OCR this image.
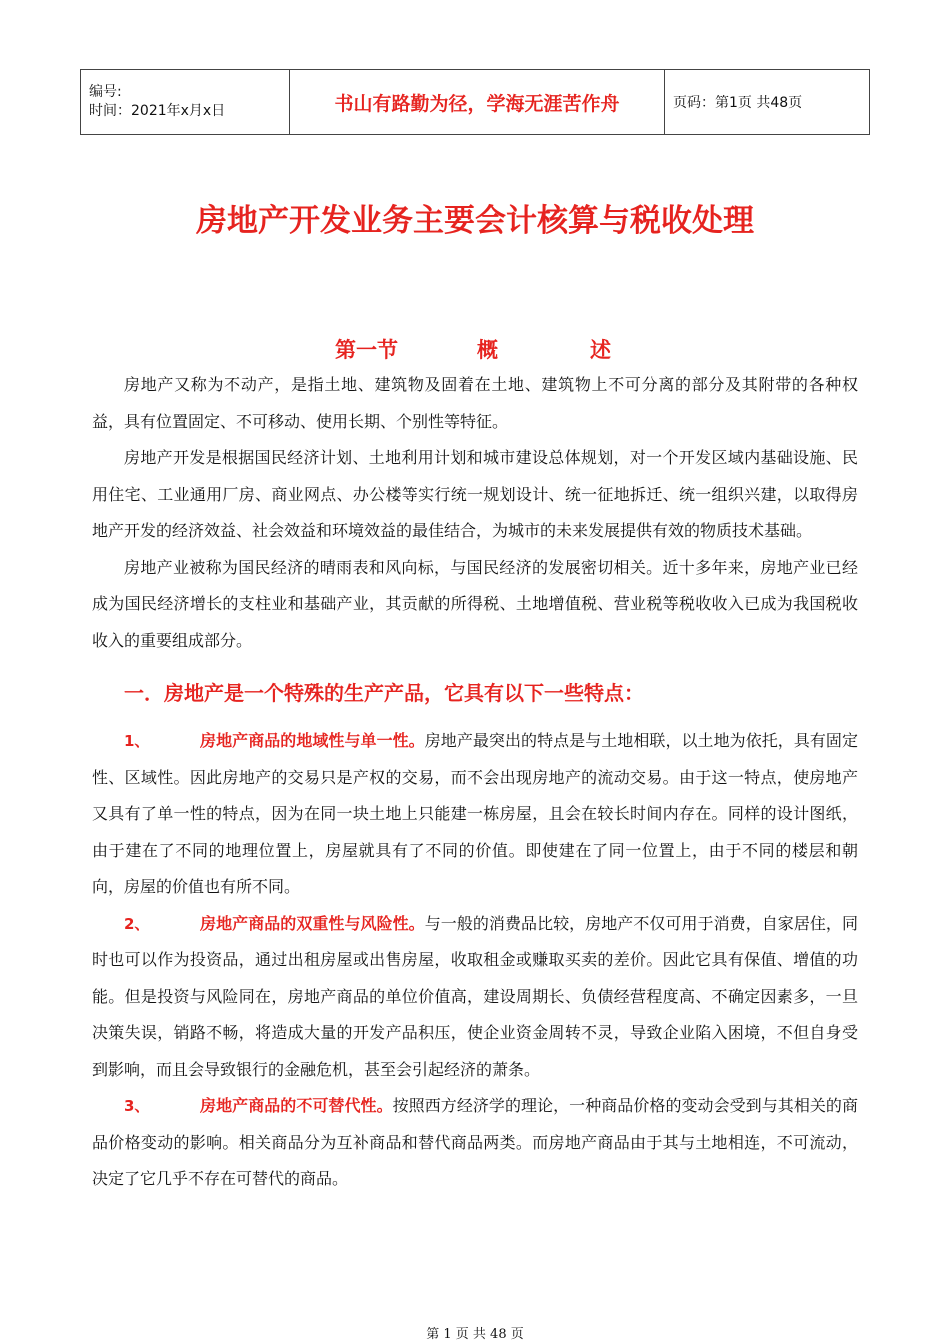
编号:
时间：2021年x月x日	书山有路勤为径，学海无涯苦作舟	页码：第1页 共48页
房地产开发业务主要会计核算与税收处理
第一节	概	述

房地产又称为不动产，是指土地、建筑物及固着在土地、建筑物上不可分离的部分及其附带的各种权益，具有位置固定、不可移动、使用长期、个别性等特征。

房地产开发是根据国民经济计划、土地利用计划和城市建设总体规划，对一个开发区域内基础设施、民用住宅、工业通用厂房、商业网点、办公楼等实行统一规划设计、统一征地拆迁、统一组织兴建，以取得房地产开发的经济效益、社会效益和环境效益的最佳结合，为城市的未来发展提供有效的物质技术基础。

房地产业被称为国民经济的晴雨表和风向标，与国民经济的发展密切相关。近十多年来，房地产业已经成为国民经济增长的支柱业和基础产业，其贡献的所得税、土地增值税、营业税等税收收入已成为我国税收收入的重要组成部分。

一．房地产是一个特殊的生产产品，它具有以下一些特点：

1、	房地产商品的地域性与单一性。房地产最突出的特点是与土地相联，以土地为依托，具有固定性、区域性。因此房地产的交易只是产权的交易，而不会出现房地产的流动交易。由于这一特点，使房地产又具有了单一性的特点，因为在同一块土地上只能建一栋房屋，且会在较长时间内存在。同样的设计图纸，由于建在了不同的地理位置上，房屋就具有了不同的价值。即使建在了同一位置上，由于不同的楼层和朝向，房屋的价值也有所不同。

2、	房地产商品的双重性与风险性。与一般的消费品比较，房地产不仅可用于消费，自家居住，同时也可以作为投资品，通过出租房屋或出售房屋，收取租金或赚取买卖的差价。因此它具有保值、增值的功能。但是投资与风险同在，房地产商品的单位价值高，建设周期长、负债经营程度高、不确定因素多，一旦决策失误，销路不畅，将造成大量的开发产品积压，使企业资金周转不灵，导致企业陷入困境，不但自身受到影响，而且会导致银行的金融危机，甚至会引起经济的萧条。

3、	房地产商品的不可替代性。按照西方经济学的理论，一种商品价格的变动会受到与其相关的商品价格变动的影响。相关商品分为互补商品和替代商品两类。而房地产商品由于其与土地相连，不可流动，决定了它几乎不存在可替代的商品。

第 1 页 共 48 页
